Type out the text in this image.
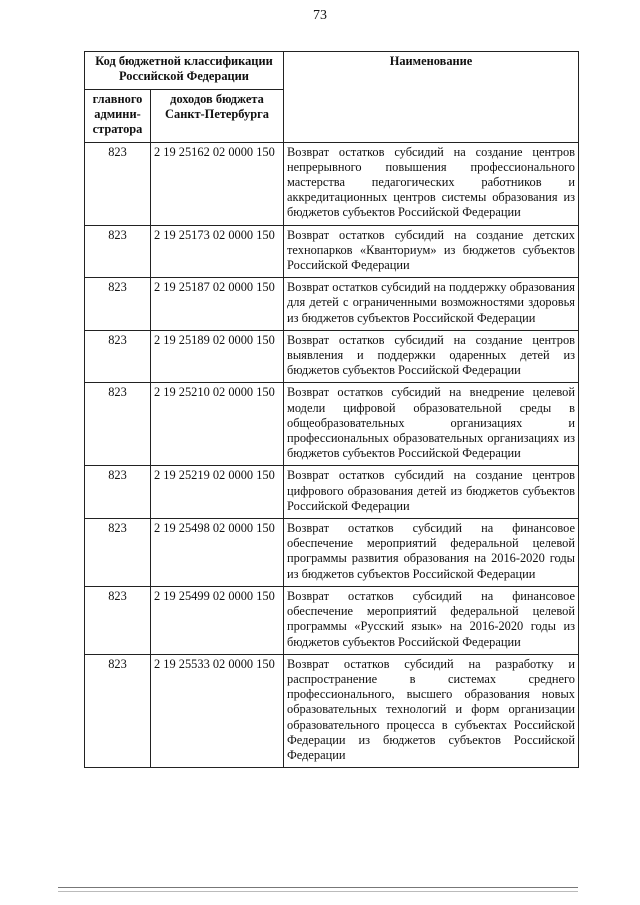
73
Код бюджетной классификации Российской Федерации		Наименование
главного админи-стратора	доходов бюджета Санкт-Петербурга	
823	2 19 25162 02 0000 150	Возврат остатков субсидий на создание центров непрерывного повышения профессионального мастерства педагогических работников и аккредитационных центров системы образования из бюджетов субъектов Российской Федерации
823	2 19 25173 02 0000 150	Возврат остатков субсидий на создание детских технопарков «Кванториум» из бюджетов субъектов Российской Федерации
823	2 19 25187 02 0000 150	Возврат остатков субсидий на поддержку образования для детей с ограниченными возможностями здоровья из бюджетов субъектов Российской Федерации
823	2 19 25189 02 0000 150	Возврат остатков субсидий на создание центров выявления и поддержки одаренных детей из бюджетов субъектов Российской Федерации
823	2 19 25210 02 0000 150	Возврат остатков субсидий на внедрение целевой модели цифровой образовательной среды в общеобразовательных организациях и профессиональных образовательных организациях из бюджетов субъектов Российской Федерации
823	2 19 25219 02 0000 150	Возврат остатков субсидий на создание центров цифрового образования детей из бюджетов субъектов Российской Федерации
823	2 19 25498 02 0000 150	Возврат остатков субсидий на финансовое обеспечение мероприятий федеральной целевой программы развития образования на 2016-2020 годы из бюджетов субъектов Российской Федерации
823	2 19 25499 02 0000 150	Возврат остатков субсидий на финансовое обеспечение мероприятий федеральной целевой программы «Русский язык» на 2016-2020 годы из бюджетов субъектов Российской Федерации
823	2 19 25533 02 0000 150	Возврат остатков субсидий на разработку и распространение в системах среднего профессионального, высшего образования новых образовательных технологий и форм организации образовательного процесса в субъектах Российской Федерации из бюджетов субъектов Российской Федерации
